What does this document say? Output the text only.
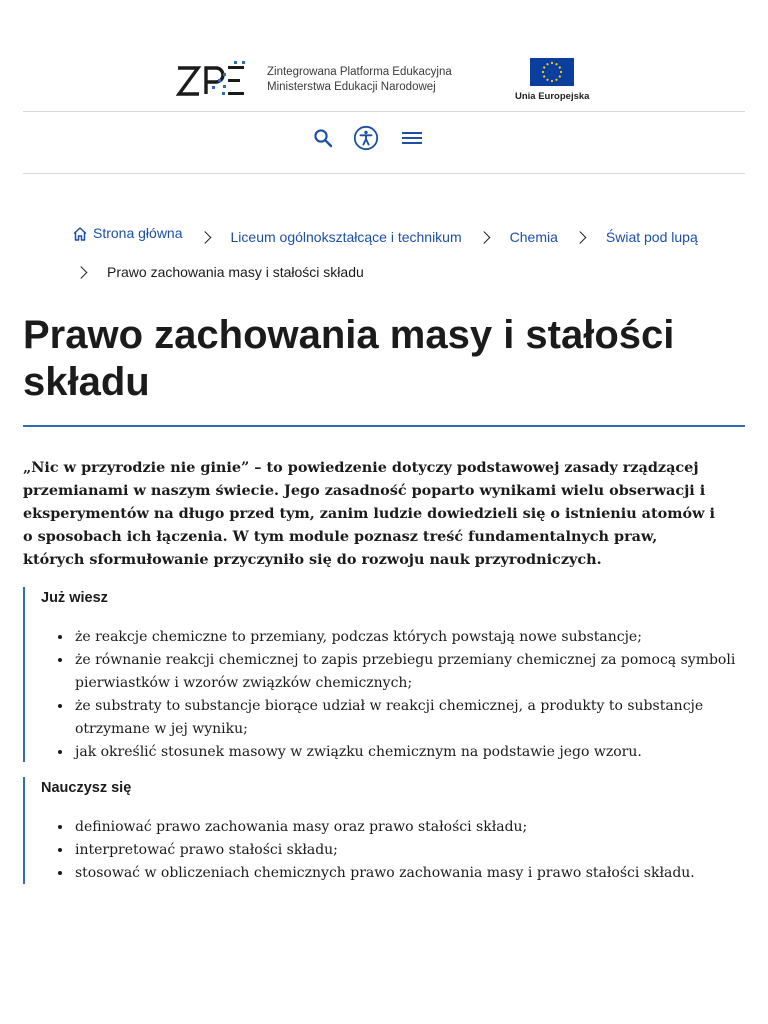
Zintegrowana Platforma Edukacyjna
Ministerstwa Edukacji Narodowej
Unia Europejska
Strona główna	Liceum ogólnokształcące i technikum	Chemia	Świat pod lupą

Prawo zachowania masy i stałości składu
Prawo zachowania masy i stałości składu

„Nic w przyrodzie nie ginie” – to powiedzenie dotyczy podstawowej zasady rządzącej przemianami w naszym świecie. Jego zasadność poparto wynikami wielu obserwacji i eksperymentów na długo przed tym, zanim ludzie dowiedzieli się o istnieniu atomów i o sposobach ich łączenia. W tym module poznasz treść fundamentalnych praw, których sformułowanie przyczyniło się do rozwoju nauk przyrodniczych.

Już wiesz
• że reakcje chemiczne to przemiany, podczas których powstają nowe substancje;
• że równanie reakcji chemicznej to zapis przebiegu przemiany chemicznej za pomocą symboli pierwiastków i wzorów związków chemicznych;
• że substraty to substancje biorące udział w reakcji chemicznej, a produkty to substancje otrzymane w jej wyniku;
• jak określić stosunek masowy w związku chemicznym na podstawie jego wzoru.
Nauczysz się
• definiować prawo zachowania masy oraz prawo stałości składu;
• interpretować prawo stałości składu;
• stosować w obliczeniach chemicznych prawo zachowania masy i prawo stałości składu.
